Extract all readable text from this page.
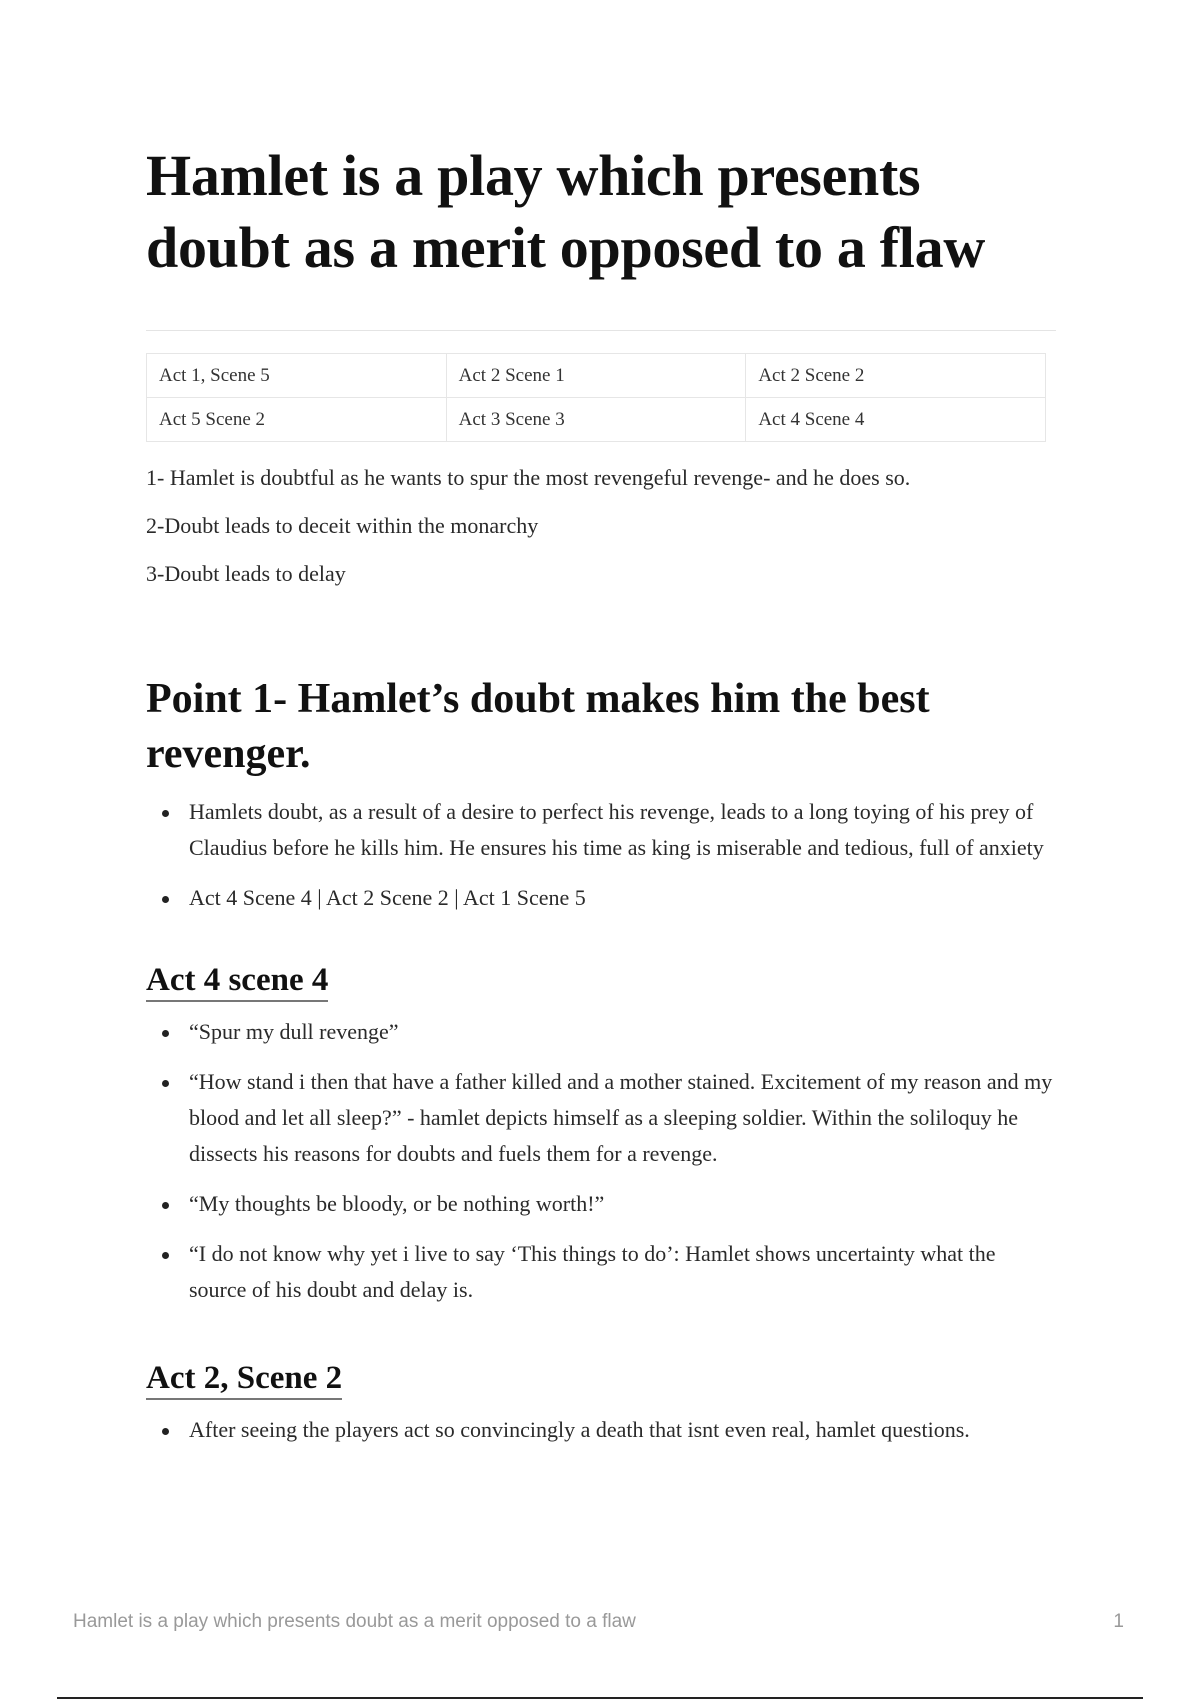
Hamlet is a play which presents doubt as a merit opposed to a flaw
Act 1, Scene 5	Act 2 Scene 1	Act 2 Scene 2
Act 5 Scene 2	Act 3 Scene 3	Act 4 Scene 4

1- Hamlet is doubtful as he wants to spur the most revengeful revenge- and he does so.

2-Doubt leads to deceit within the monarchy

3-Doubt leads to delay

Point 1- Hamlet’s doubt makes him the best revenger.
Hamlets doubt, as a result of a desire to perfect his revenge, leads to a long toying of his prey of Claudius before he kills him. He ensures his time as king is miserable and tedious, full of anxiety
Act 4 Scene 4 | Act 2 Scene 2 | Act 1 Scene 5
Act 4 scene 4
“Spur my dull revenge”
“How stand i then that have a father killed and a mother stained. Excitement of my reason and my blood and let all sleep?” - hamlet depicts himself as a sleeping soldier. Within the soliloquy he dissects his reasons for doubts and fuels them for a revenge.
“My thoughts be bloody, or be nothing worth!”
“I do not know why yet i live to say ‘This things to do’: Hamlet shows uncertainty what the source of his doubt and delay is.
Act 2, Scene 2
After seeing the players act so convincingly a death that isnt even real, hamlet questions.
Hamlet is a play which presents doubt as a merit opposed to a flaw	1
